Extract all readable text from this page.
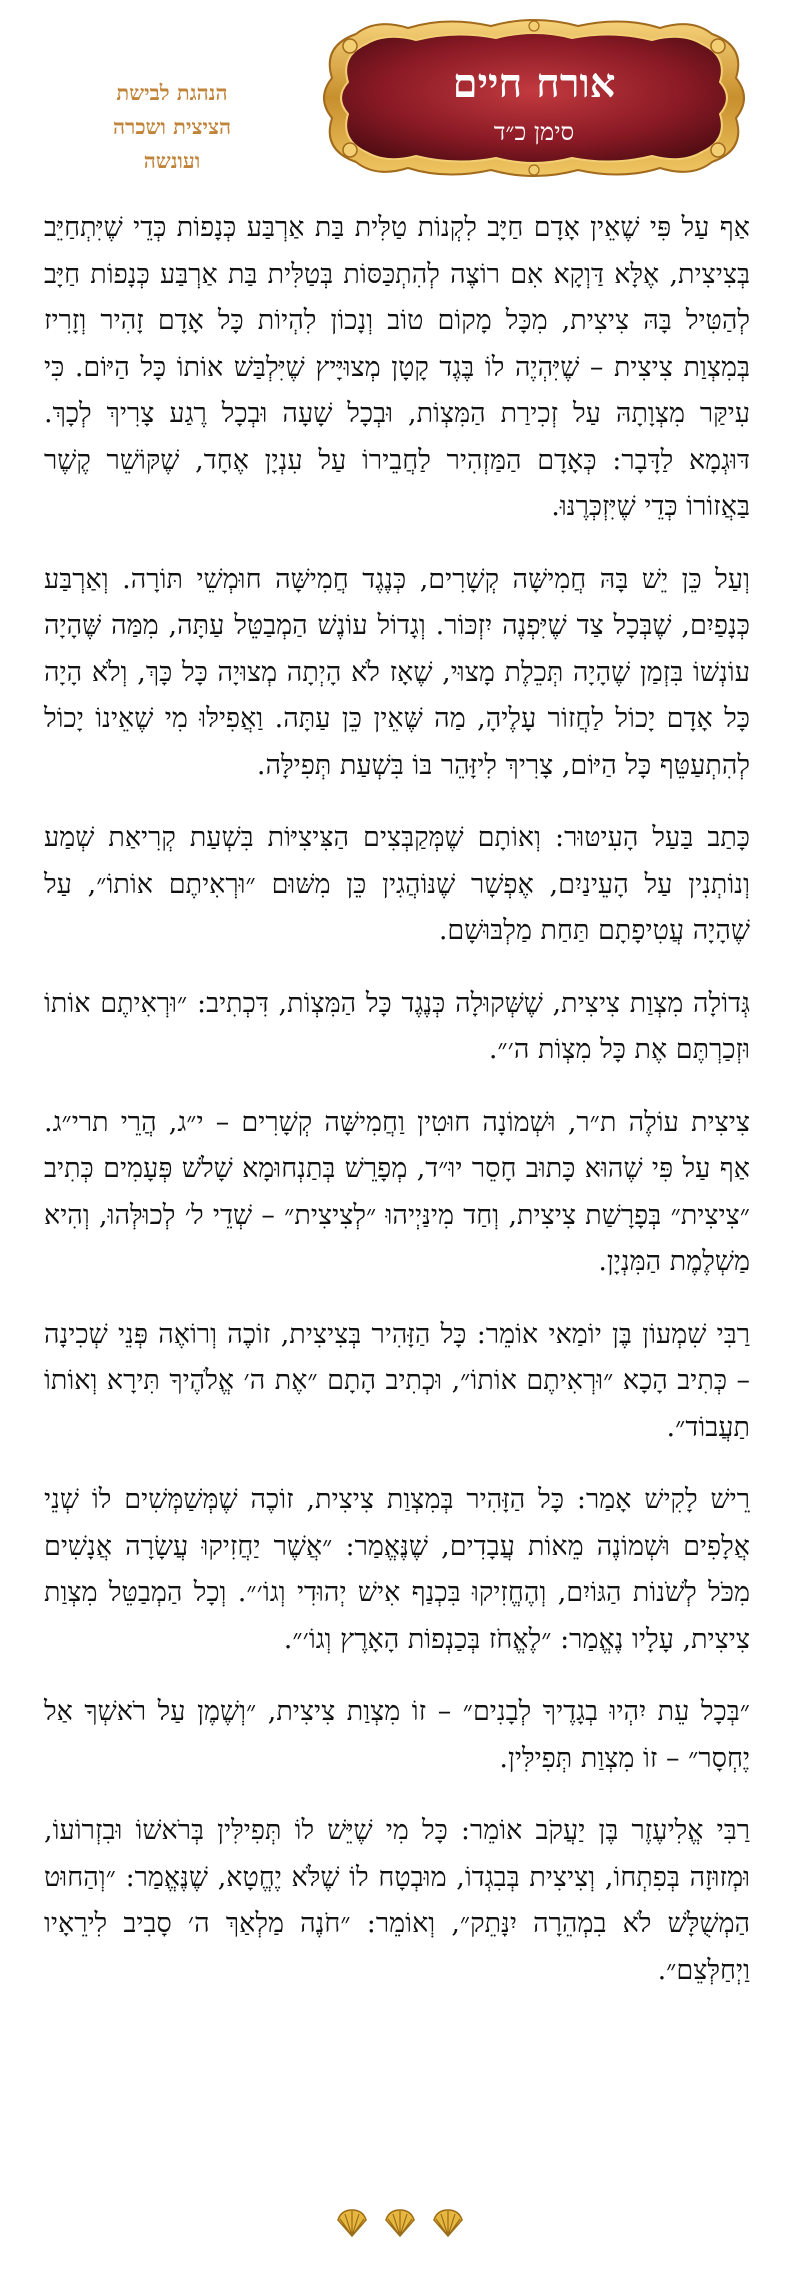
הנהגת לבישת
הציצית ושכרה
ועונשה
אורח חיים
סימן כ״ד

אַף עַל פִּי שֶׁאֵין אָדָם חַיָּב לִקְנוֹת טַלִּית בַּת אַרְבַּע כְּנָפוֹת כְּדֵי שֶׁיִּתְחַיֵּב בְּצִיצִית, אֶלָּא דַּוְקָא אִם רוֹצֶה לְהִתְכַּסּוֹת בְּטַלִּית בַּת אַרְבַּע כְּנָפוֹת חַיָּב לְהַטִּיל בָּהּ צִיצִית, מִכָּל מָקוֹם טוֹב וְנָכוֹן לִהְיוֹת כָּל אָדָם זָהִיר וְזָרִיז בְּמִצְוַת צִיצִית – שֶׁיִּהְיֶה לוֹ בֶּגֶד קָטָן מְצוּיָּיץ שֶׁיִּלְבַּשׁ אוֹתוֹ כָּל הַיּוֹם. כִּי עִיקַּר מִצְוָתָהּ עַל זְכִירַת הַמִּצְוֹת, וּבְכָל שָׁעָה וּבְכָל רֶגַע צָרִיךְ לְכָךְ. דּוּגְמָא לַדָּבָר: כְּאָדָם הַמַּזְהִיר לַחֲבֵירוֹ עַל עִנְיָן אֶחָד, שֶׁקּוֹשֵׁר קֶשֶׁר בַּאֲזוֹרוֹ כְּדֵי שֶׁיִּזְכְּרֶנּוּ.

וְעַל כֵּן יֵשׁ בָּהּ חֲמִישָּׁה קְשָׁרִים, כְּנֶגֶד חֲמִישָּׁה חוּמְשֵׁי תּוֹרָה. וְאַרְבַּע כְּנָפַיִם, שֶׁבְּכָל צַד שֶׁיִּפְנֶה יִזְכּוֹר. וְגָדוֹל עוֹנֶשׁ הַמְבַטֵּל עַתָּה, מִמַּה שֶּׁהָיָה עוֹנְשׁוֹ בִּזְמַן שֶׁהָיָה תְּכֵלֶת מָצוּי, שֶׁאָז לֹא הָיְתָה מְצוּיָה כָּל כָּךְ, וְלֹא הָיָה כָּל אָדָם יָכוֹל לַחֲזוֹר עָלֶיהָ, מַה שֶּׁאֵין כֵּן עַתָּה. וַאֲפִילּוּ מִי שֶׁאֵינוֹ יָכוֹל לְהִתְעַטֵּף כָּל הַיּוֹם, צָרִיךְ לִיזָּהֵר בּוֹ בִּשְׁעַת תְּפִילָּה.

כָּתַב בַּעַל הָעִיטּוּר: וְאוֹתָם שֶׁמְּקַבְּצִים הַצִּיצִיּוֹת בִּשְׁעַת קְרִיאַת שְׁמַע וְנוֹתְנִין עַל הָעֵינַיִם, אֶפְשָׁר שֶׁנּוֹהֲגִין כֵּן מִשּׁוּם ״וּרְאִיתֶם אוֹתוֹ״, עַל שֶׁהָיָה עֲטִיפָתָם תַּחַת מַלְבּוּשָׁם.

גְּדוֹלָה מִצְוַת צִיצִית, שֶׁשְּׁקוּלָה כְּנֶגֶד כָּל הַמִּצְוֹת, דִּכְתִיב: ״וּרְאִיתֶם אוֹתוֹ וּזְכַרְתֶּם אֶת כָּל מִצְוֹת ה׳״.

צִיצִית עוֹלֶה ת״ר, וּשְׁמוֹנָה חוּטִין וַחֲמִישָּׁה קְשָׁרִים – י״ג, הֲרֵי תרי״ג. אַף עַל פִּי שֶׁהוּא כָּתוּב חָסֵר יוּ״ד, מְפָרֵשׁ בְּתַנְחוּמָא שָׁלֹשׁ פְּעָמִים כְּתִיב ״צִיצִית״ בְּפָרָשַׁת צִיצִית, וְחַד מִינַּיְיהוּ ״לְצִיצִית״ – שְׁדֵי ל׳ לְכוּלְּהוּ, וְהִיא מַשְׁלֶמֶת הַמִּנְיָן.

רַבִּי שִׁמְעוֹן בֶּן יוֹמַאי אוֹמֵר: כָּל הַזָּהִיר בְּצִיצִית, זוֹכֶה וְרוֹאֶה פְּנֵי שְׁכִינָה – כְּתִיב הָכָא ״וּרְאִיתֶם אוֹתוֹ״, וּכְתִיב הָתָם ״אֶת ה׳ אֱלֹהֶיךָ תִּירָא וְאוֹתוֹ תַעֲבוֹד״.

רֵישׁ לָקִישׁ אָמַר: כָּל הַזָּהִיר בְּמִצְוַת צִיצִית, זוֹכֶה שֶׁמְּשַׁמְּשִׁים לוֹ שְׁנֵי אֲלָפִים וּשְׁמוֹנֶה מֵאוֹת עֲבָדִים, שֶׁנֶּאֱמַר: ״אֲשֶׁר יַחֲזִיקוּ עֲשָׂרָה אֲנָשִׁים מִכֹּל לְשֹׁנוֹת הַגּוֹיִם, וְהֶחֱזִיקוּ בִּכְנַף אִישׁ יְהוּדִי וְגוֹ׳״. וְכָל הַמְבַטֵּל מִצְוַת צִיצִית, עָלָיו נֶאֱמַר: ״לֶאֱחֹז בְּכַנְפוֹת הָאָרֶץ וְגוֹ׳״.

״בְּכָל עֵת יִהְיוּ בְגָדֶיךָ לְבָנִים״ – זוֹ מִצְוַת צִיצִית, ״וְשֶׁמֶן עַל רֹאשְׁךָ אַל יֶחְסָר״ – זוֹ מִצְוַת תְּפִילִּין.

רַבִּי אֱלִיעֶזֶר בֶּן יַעֲקֹב אוֹמֵר: כָּל מִי שֶׁיֵּשׁ לוֹ תְּפִילִּין בְּרֹאשׁוֹ וּבִזְרוֹעוֹ, וּמְזוּזָה בְּפִתְחוֹ, וְצִיצִית בְּבִגְדוֹ, מוּבְטָח לוֹ שֶׁלֹּא יֶחֱטָא, שֶׁנֶּאֱמַר: ״וְהַחוּט הַמְשֻׁלָּשׁ לֹא בִמְהֵרָה יִנָּתֵק״, וְאוֹמֵר: ״חֹנֶה מַלְאַךְ ה׳ סָבִיב לִירֵאָיו וַיְחַלְּצֵם״.
